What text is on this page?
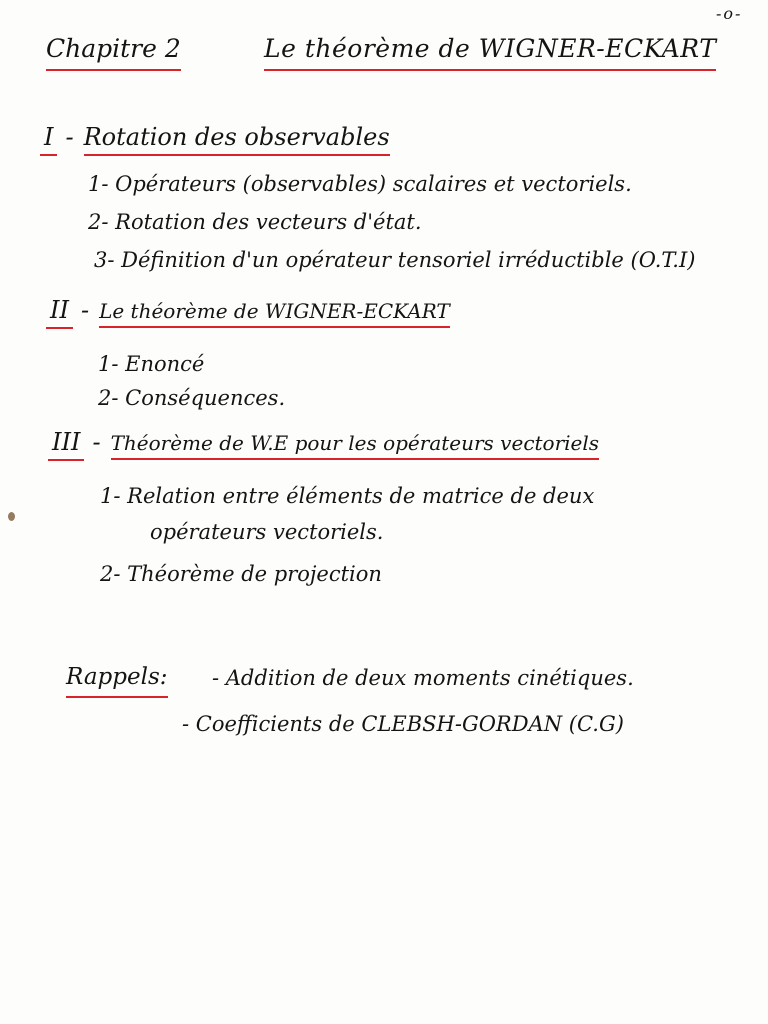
-o-
Chapitre 2	Le théorème de WIGNER-ECKART
I - Rotation des observables
1- Opérateurs (observables) scalaires et vectoriels.
2- Rotation des vecteurs d'état.
3- Définition d'un opérateur tensoriel irréductible (O.T.I)
II - Le théorème de WIGNER-ECKART
1- Enoncé
2- Conséquences.
III - Théorème de W.E pour les opérateurs vectoriels
1- Relation entre éléments de matrice de deux
opérateurs vectoriels.
2- Théorème de projection
Rappels: - Addition de deux moments cinétiques.
- Coefficients de CLEBSH-GORDAN (C.G)
